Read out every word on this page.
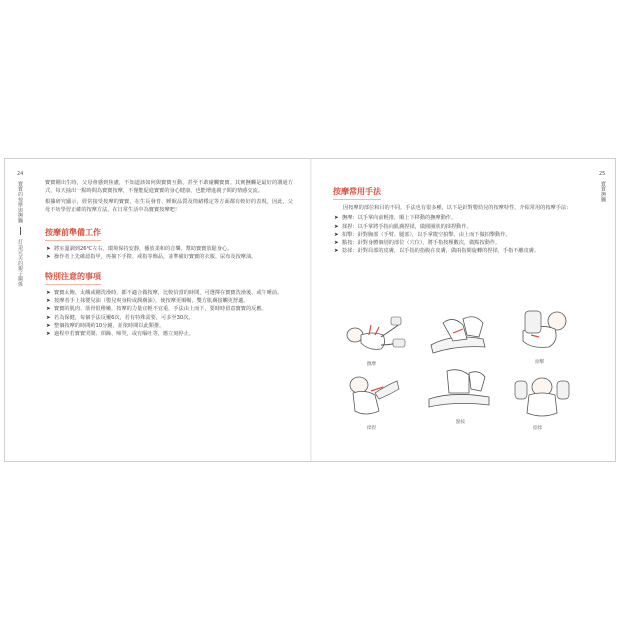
24
寶寶的按摩與撫觸  打造完美的親子關係
25
寶寶撫觸

寶寶剛出生時，父母會感到焦慮，不知道該如何與寶寶互動，甚至不敢碰觸寶寶。其實撫觸是最好的溝通方式，每天抽出一點時間為寶寶按摩，不僅能促進寶寶的身心健康，也能增進親子間的情感交流。

根據研究顯示，經常接受按摩的寶寶，在生長發育、睡眠品質及情緒穩定等方面都有較好的表現。因此，父母不妨學習正確的按摩方法，在日常生活中為寶寶按摩吧！

按摩前準備工作
➤ 將室溫調到26℃左右，環境保持安靜，播放柔和的音樂，幫助寶寶放鬆身心。
➤ 操作者上先確認指甲，再摘下手錶、戒指等飾品，並準備好寶寶的衣服、尿布及按摩油。
特別注意的事項
➤ 寶寶太飽、太餓或剛洗澡時，都不適合做按摩，比較恰當的時間，可選擇在寶寶洗澡後、或午睡前。
➤ 按摩者手上抹嬰兒油（嬰兒爽身粉或潤膚油），使按摩更順暢，雙方肌膚接觸更舒適。
➤ 寶寶的肌肉、筋骨很稚嫩，按摩的力量宜輕不宜重，手法由上而下，要時時留意寶寶的反應。
➤ 若為保健，每個手法反覆6次，若有特殊需要，可多至30次。
➤ 整個按摩的時間約10分鐘，並依時間以此類推。
➤ 過程中若寶寶哭鬧、煩躁、啼哭，或有嘔吐等，應立刻停止。
按摩常用手法

因按摩的部位和目的不同，手法也有很多種，以下是針對嬰幼兒的按摩特性，介紹常用的按摩手法：

➤ 撫摩：以手掌向前輕推，順上下移動的撫摩動作。
➤ 揉捏：以手掌將手指向肌膚捏揉，做圓圈狀的揉捏動作。
➤ 拍擊：針對胸部（手臂、腿部），以手掌微空拍擊，由上而下做拍擊動作。
➤ 點按：針對身體個別的部位（穴位），將手指按壓數次，做點按動作。
➤ 捻揉：針對局部的皮膚，以手指的指腹在皮膚，做兩指間旋轉的捏揉，手指不離皮膚。
撫摩	拍擊
揉捏
點按
捻揉
